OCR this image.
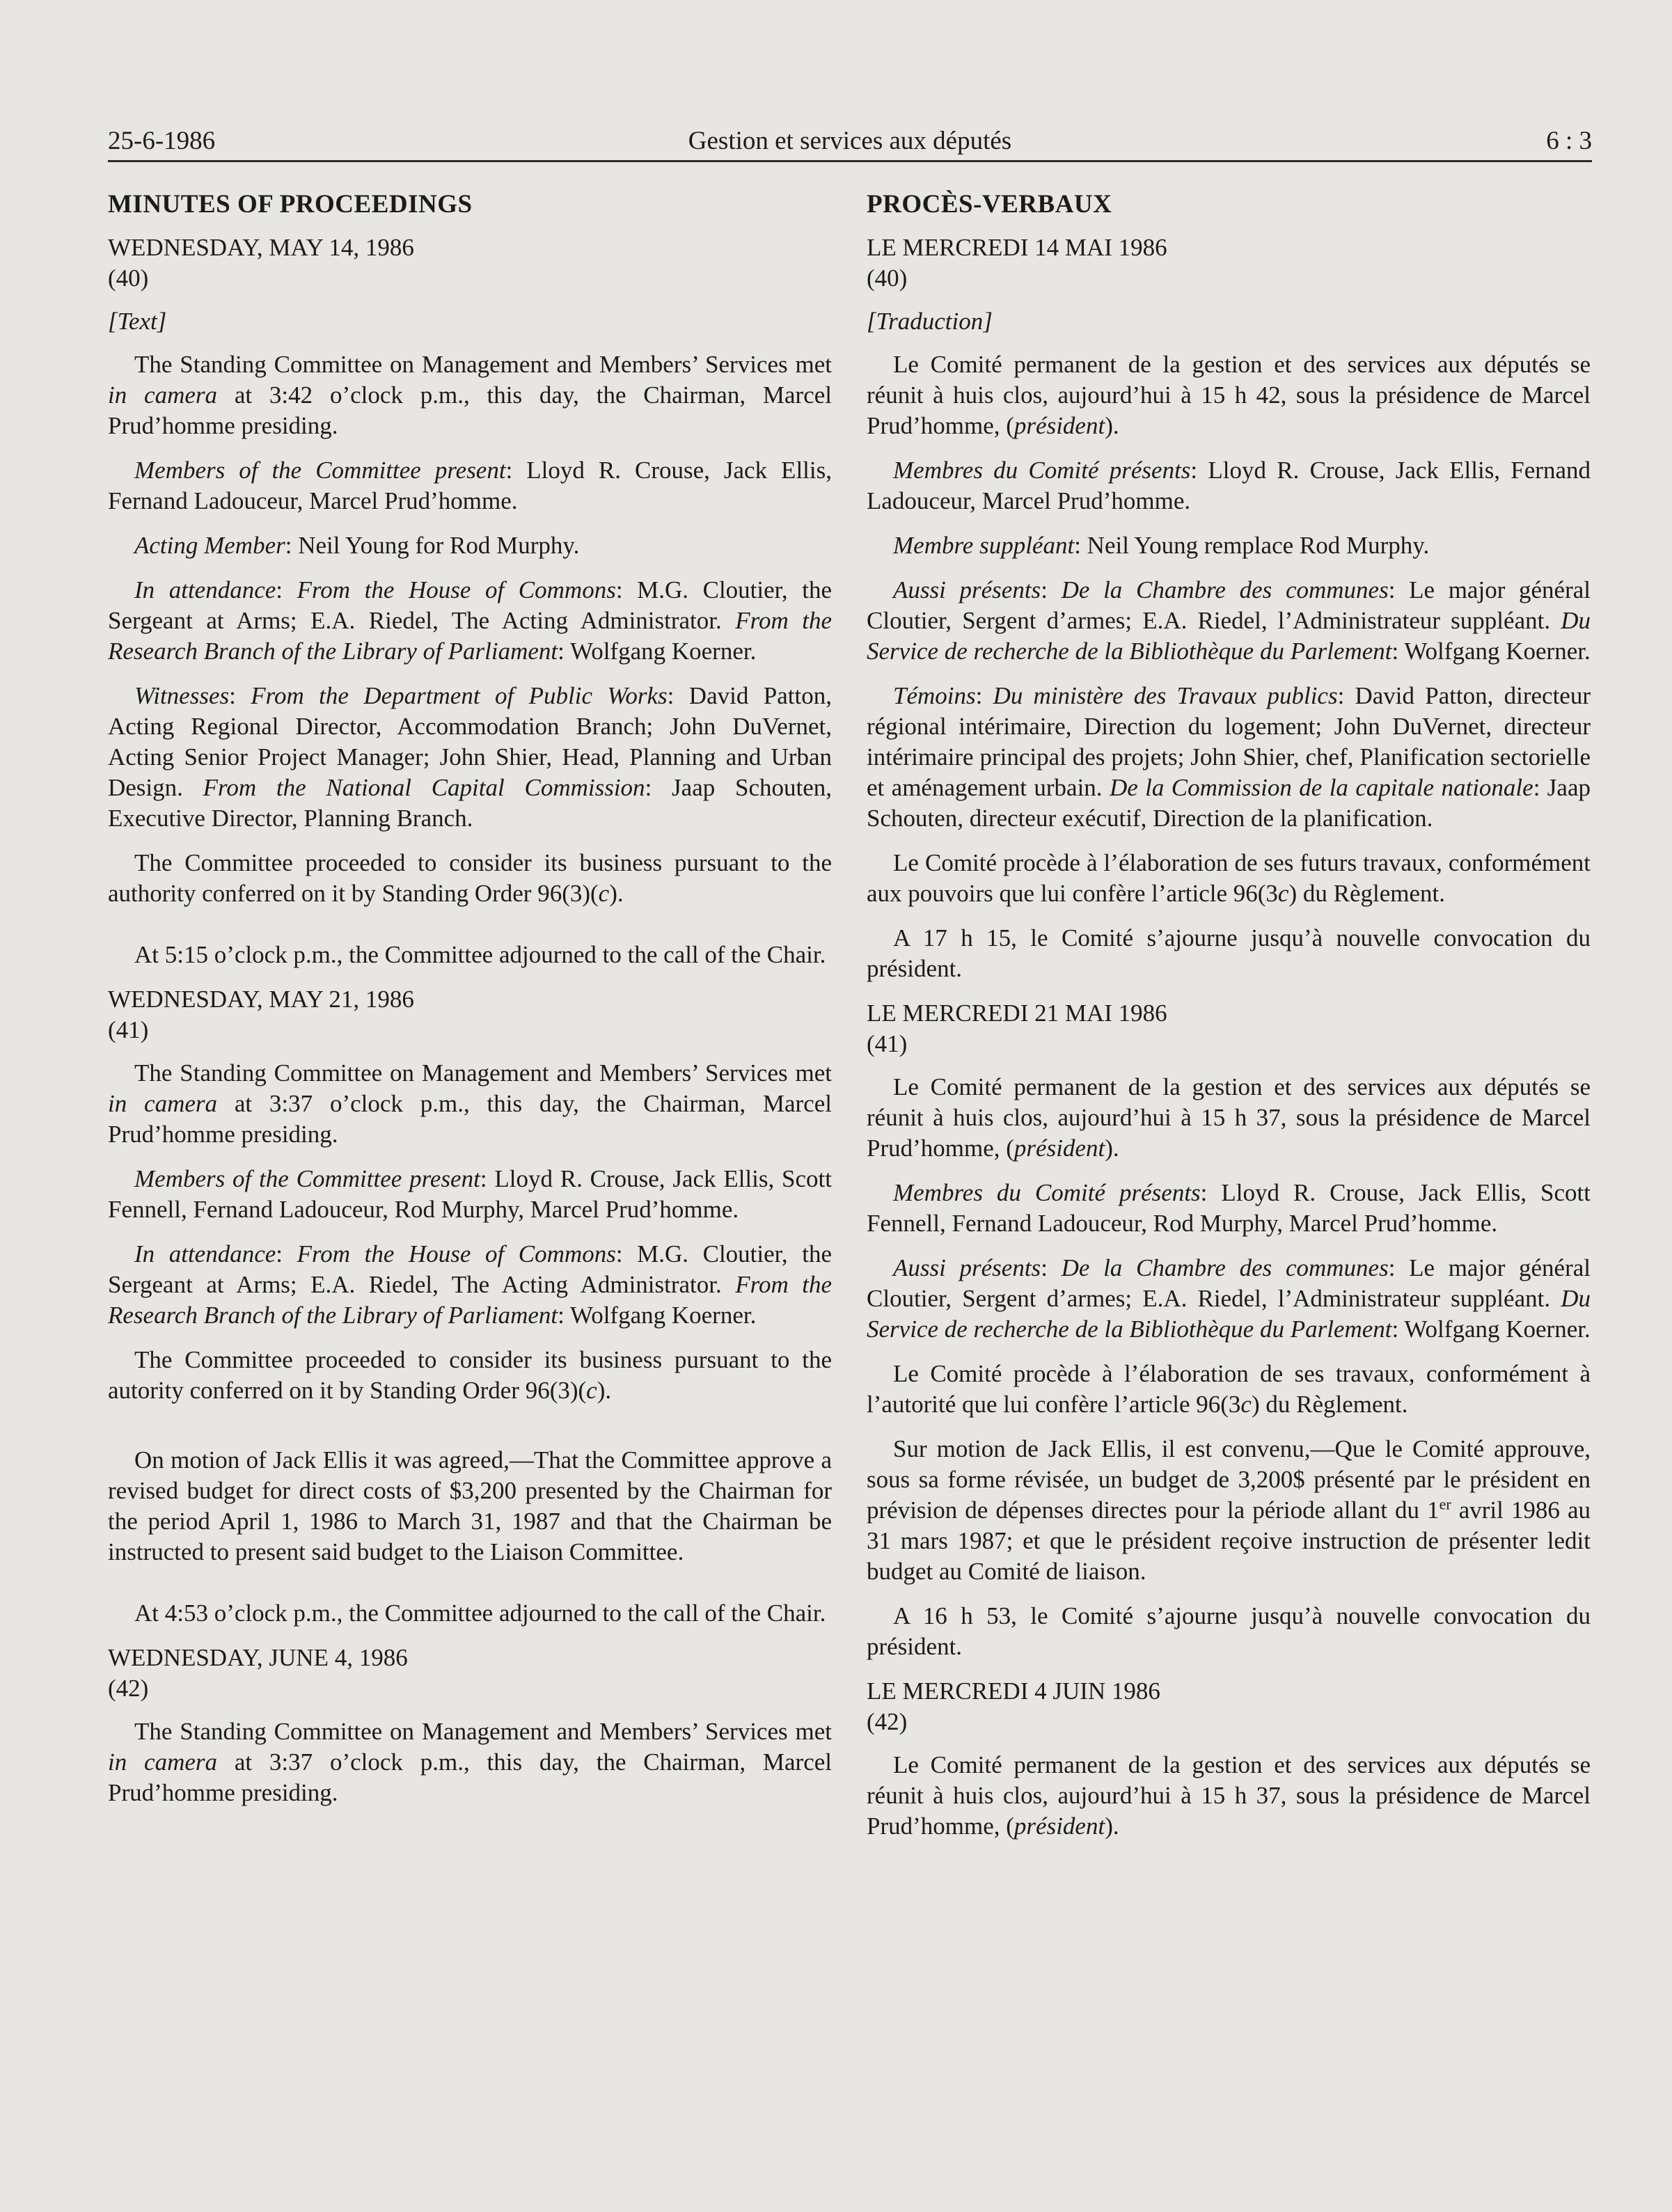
25-6-1986	Gestion et services aux députés	6 : 3
MINUTES OF PROCEEDINGS
WEDNESDAY, MAY 14, 1986
(40)
[Text]

The Standing Committee on Management and Members’ Services met in camera at 3:42 o’clock p.m., this day, the Chairman, Marcel Prud’homme presiding.

Members of the Committee present: Lloyd R. Crouse, Jack Ellis, Fernand Ladouceur, Marcel Prud’homme.

Acting Member: Neil Young for Rod Murphy.

In attendance: From the House of Commons: M.G. Cloutier, the Sergeant at Arms; E.A. Riedel, The Acting Administrator. From the Research Branch of the Library of Parliament: Wolfgang Koerner.

Witnesses: From the Department of Public Works: David Patton, Acting Regional Director, Accommodation Branch; John DuVernet, Acting Senior Project Manager; John Shier, Head, Planning and Urban Design. From the National Capital Commission: Jaap Schouten, Executive Director, Planning Branch.

The Committee proceeded to consider its business pursuant to the authority conferred on it by Standing Order 96(3)(c).

At 5:15 o’clock p.m., the Committee adjourned to the call of the Chair.

WEDNESDAY, MAY 21, 1986
(41)

The Standing Committee on Management and Members’ Services met in camera at 3:37 o’clock p.m., this day, the Chairman, Marcel Prud’homme presiding.

Members of the Committee present: Lloyd R. Crouse, Jack Ellis, Scott Fennell, Fernand Ladouceur, Rod Murphy, Marcel Prud’homme.

In attendance: From the House of Commons: M.G. Cloutier, the Sergeant at Arms; E.A. Riedel, The Acting Administrator. From the Research Branch of the Library of Parliament: Wolfgang Koerner.

The Committee proceeded to consider its business pursuant to the autority conferred on it by Standing Order 96(3)(c).

On motion of Jack Ellis it was agreed,—That the Committee approve a revised budget for direct costs of $3,200 presented by the Chairman for the period April 1, 1986 to March 31, 1987 and that the Chairman be instructed to present said budget to the Liaison Committee.

At 4:53 o’clock p.m., the Committee adjourned to the call of the Chair.

WEDNESDAY, JUNE 4, 1986
(42)

The Standing Committee on Management and Members’ Services met in camera at 3:37 o’clock p.m., this day, the Chairman, Marcel Prud’homme presiding.

PROCÈS-VERBAUX
LE MERCREDI 14 MAI 1986
(40)
[Traduction]

Le Comité permanent de la gestion et des services aux députés se réunit à huis clos, aujourd’hui à 15 h 42, sous la présidence de Marcel Prud’homme, (président).

Membres du Comité présents: Lloyd R. Crouse, Jack Ellis, Fernand Ladouceur, Marcel Prud’homme.

Membre suppléant: Neil Young remplace Rod Murphy.

Aussi présents: De la Chambre des communes: Le major général Cloutier, Sergent d’armes; E.A. Riedel, l’Administrateur suppléant. Du Service de recherche de la Bibliothèque du Parlement: Wolfgang Koerner.

Témoins: Du ministère des Travaux publics: David Patton, directeur régional intérimaire, Direction du logement; John DuVernet, directeur intérimaire principal des projets; John Shier, chef, Planification sectorielle et aménagement urbain. De la Commission de la capitale nationale: Jaap Schouten, directeur exécutif, Direction de la planification.

Le Comité procède à l’élaboration de ses futurs travaux, conformément aux pouvoirs que lui confère l’article 96(3c) du Règlement.

A 17 h 15, le Comité s’ajourne jusqu’à nouvelle convocation du président.

LE MERCREDI 21 MAI 1986
(41)

Le Comité permanent de la gestion et des services aux députés se réunit à huis clos, aujourd’hui à 15 h 37, sous la présidence de Marcel Prud’homme, (président).

Membres du Comité présents: Lloyd R. Crouse, Jack Ellis, Scott Fennell, Fernand Ladouceur, Rod Murphy, Marcel Prud’homme.

Aussi présents: De la Chambre des communes: Le major général Cloutier, Sergent d’armes; E.A. Riedel, l’Administrateur suppléant. Du Service de recherche de la Bibliothèque du Parlement: Wolfgang Koerner.

Le Comité procède à l’élaboration de ses travaux, conformément à l’autorité que lui confère l’article 96(3c) du Règlement.

Sur motion de Jack Ellis, il est convenu,—Que le Comité approuve, sous sa forme révisée, un budget de 3,200$ présenté par le président en prévision de dépenses directes pour la période allant du 1er avril 1986 au 31 mars 1987; et que le président reçoive instruction de présenter ledit budget au Comité de liaison.

A 16 h 53, le Comité s’ajourne jusqu’à nouvelle convocation du président.

LE MERCREDI 4 JUIN 1986
(42)

Le Comité permanent de la gestion et des services aux députés se réunit à huis clos, aujourd’hui à 15 h 37, sous la présidence de Marcel Prud’homme, (président).
